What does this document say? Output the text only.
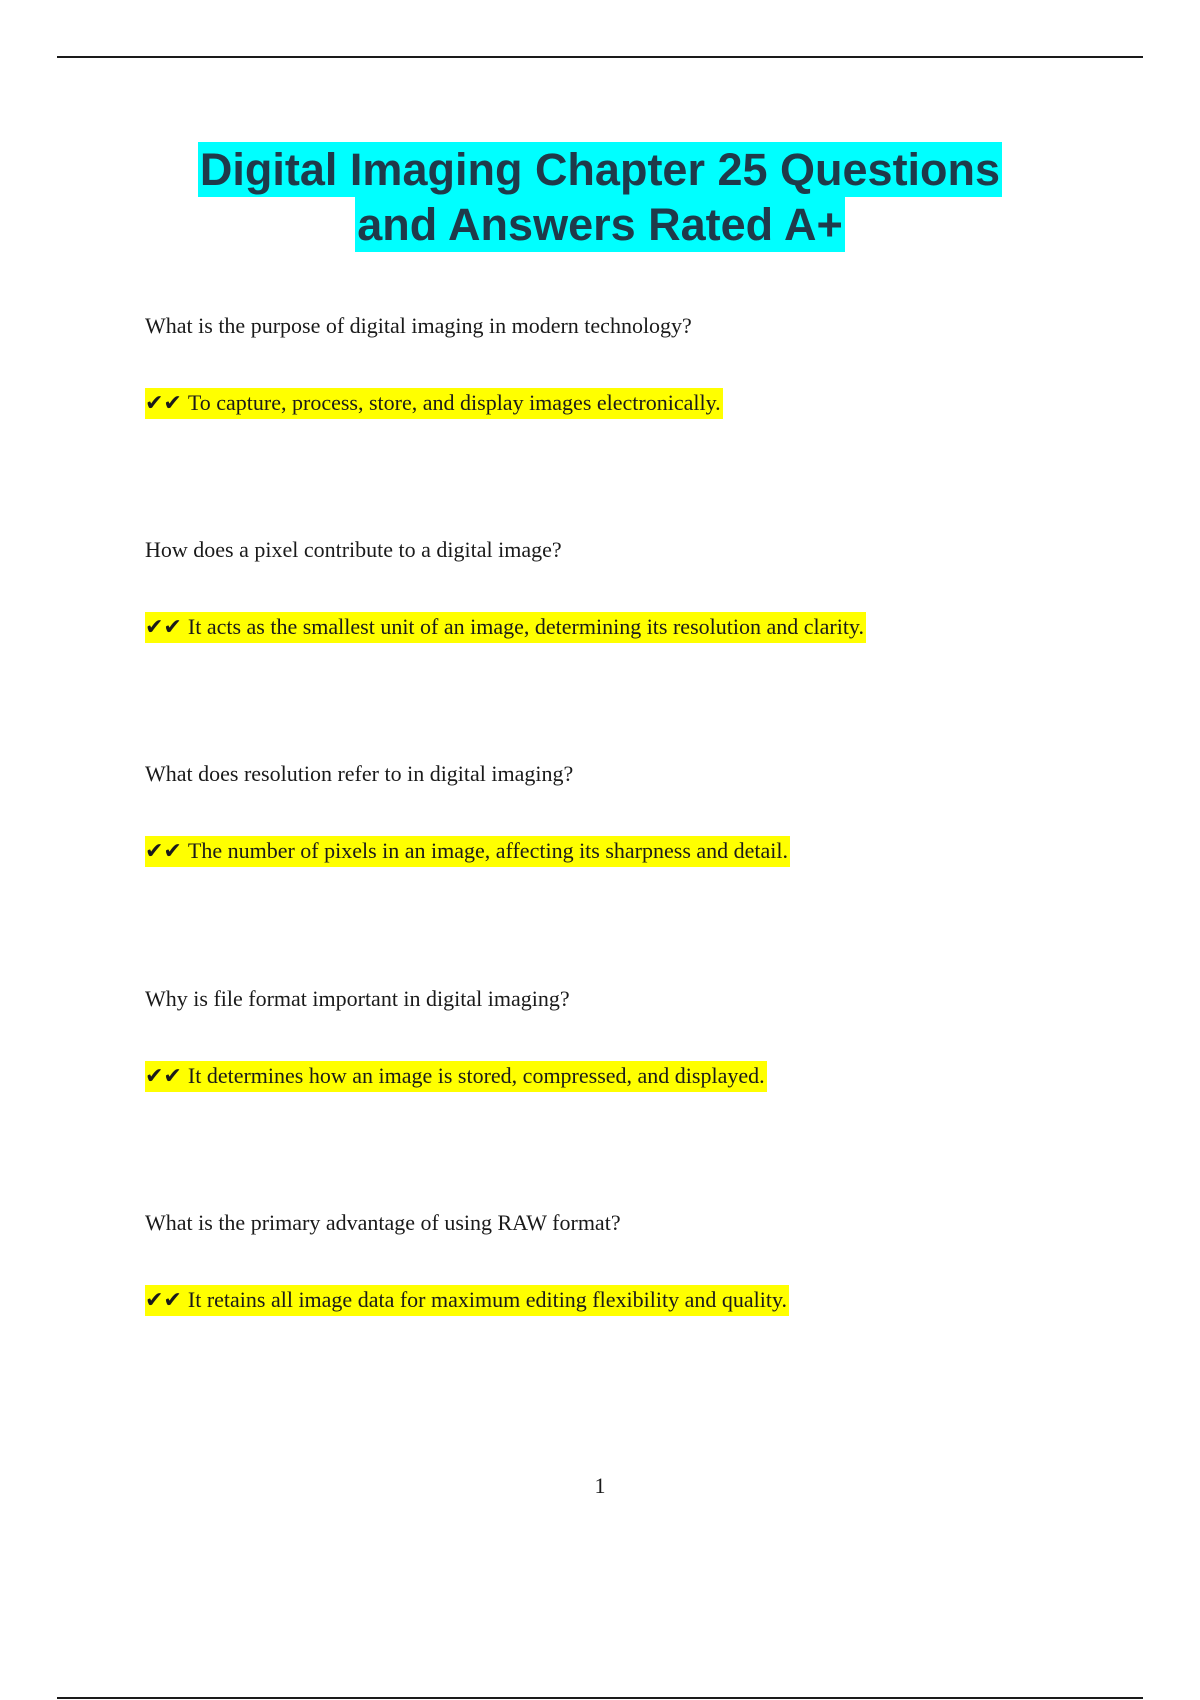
Digital Imaging Chapter 25 Questions
and Answers Rated A+

What is the purpose of digital imaging in modern technology?

✔✔ To capture, process, store, and display images electronically.

How does a pixel contribute to a digital image?

✔✔ It acts as the smallest unit of an image, determining its resolution and clarity.

What does resolution refer to in digital imaging?

✔✔ The number of pixels in an image, affecting its sharpness and detail.

Why is file format important in digital imaging?

✔✔ It determines how an image is stored, compressed, and displayed.

What is the primary advantage of using RAW format?

✔✔ It retains all image data for maximum editing flexibility and quality.
1
